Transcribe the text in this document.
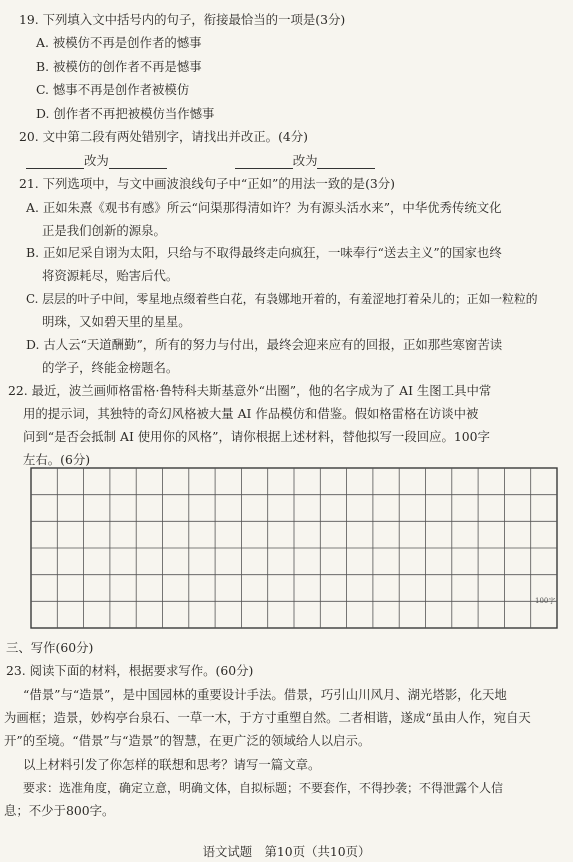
19. 下列填入文中括号内的句子，衔接最恰当的一项是(3分)
A. 被模仿不再是创作者的憾事
B. 被模仿的创作者不再是憾事
C. 憾事不再是创作者被模仿
D. 创作者不再把被模仿当作憾事
20. 文中第二段有两处错别字，请找出并改正。(4分)
改为	改为
21. 下列选项中，与文中画波浪线句子中“正如”的用法一致的是(3分)
A. 正如朱熹《观书有感》所云“问渠那得清如许？为有源头活水来”，中华优秀传统文化
正是我们创新的源泉。
B. 正如尼采自诩为太阳，只给与不取得最终走向疯狂，一味奉行“送去主义”的国家也终
将资源耗尽，贻害后代。
C. 层层的叶子中间，零星地点缀着些白花，有袅娜地开着的，有羞涩地打着朵儿的；正如一粒粒的
明珠，又如碧天里的星星。
D. 古人云“天道酬勤”，所有的努力与付出，最终会迎来应有的回报，正如那些寒窗苦读
的学子，终能金榜题名。
22. 最近，波兰画师格雷格·鲁特科夫斯基意外“出圈”，他的名字成为了 AI 生图工具中常
用的提示词，其独特的奇幻风格被大量 AI 作品模仿和借鉴。假如格雷格在访谈中被
问到“是否会抵制 AI 使用你的风格”，请你根据上述材料，替他拟写一段回应。100字
左右。(6分)
100字
三、写作(60分)
23. 阅读下面的材料，根据要求写作。(60分)
“借景”与“造景”，是中国园林的重要设计手法。借景，巧引山川风月、湖光塔影，化天地
为画框；造景，妙构亭台泉石、一草一木，于方寸重塑自然。二者相谐，遂成“虽由人作，宛自天
开”的至境。“借景”与“造景”的智慧，在更广泛的领域给人以启示。
以上材料引发了你怎样的联想和思考？请写一篇文章。
要求：选准角度，确定立意，明确文体，自拟标题；不要套作，不得抄袭；不得泄露个人信
息；不少于800字。
语文试题　第10页（共10页）
